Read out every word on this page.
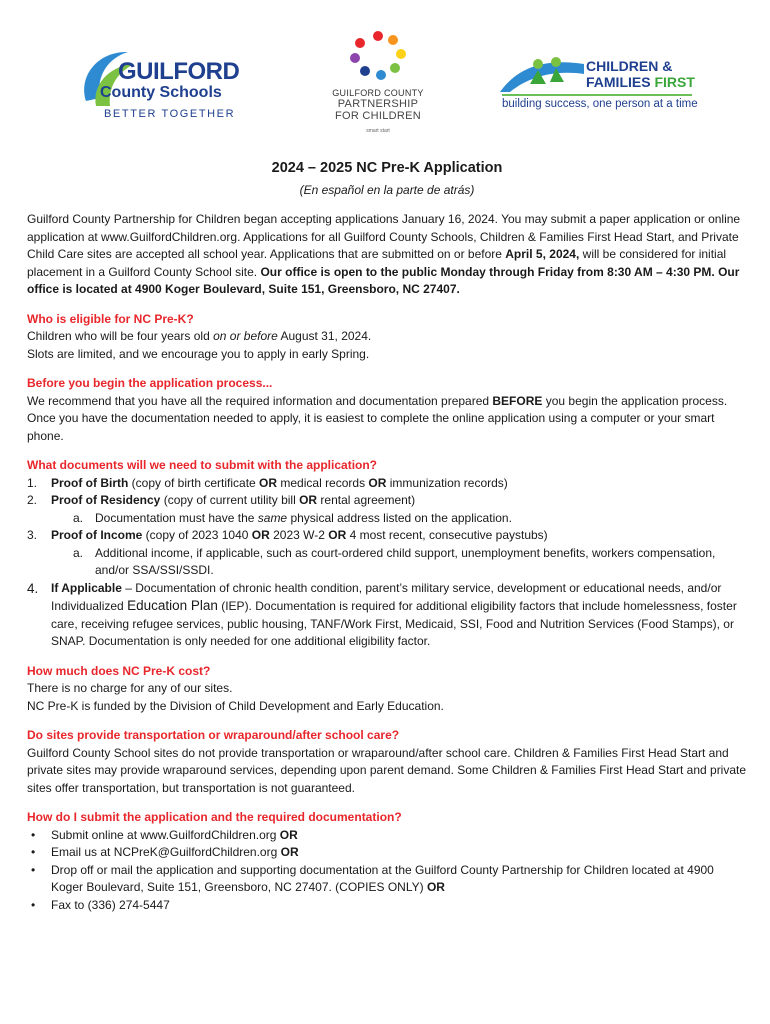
GUILFORD
County Schools
BETTER TOGETHER
GUILFORD COUNTY
PARTNERSHIP
FOR CHILDREN
smart start
CHILDREN &
FAMILIES FIRST
building success, one person at a time
2024 – 2025 NC Pre-K Application
(En español en la parte de atrás)

Guilford County Partnership for Children began accepting applications January 16, 2024. You may submit a paper application or online application at www.GuilfordChildren.org. Applications for all Guilford County Schools, Children & Families First Head Start, and Private Child Care sites are accepted all school year. Applications that are submitted on or before April 5, 2024, will be considered for initial placement in a Guilford County School site. Our office is open to the public Monday through Friday from 8:30 AM – 4:30 PM. Our office is located at 4900 Koger Boulevard, Suite 151, Greensboro, NC 27407.

Who is eligible for NC Pre-K?

Children who will be four years old on or before August 31, 2024.

Slots are limited, and we encourage you to apply in early Spring.

Before you begin the application process...

We recommend that you have all the required information and documentation prepared BEFORE you begin the application process. Once you have the documentation needed to apply, it is easiest to complete the online application using a computer or your smart phone.

What documents will we need to submit with the application?

1. Proof of Birth (copy of birth certificate OR medical records OR immunization records)
2. Proof of Residency (copy of current utility bill OR rental agreement)
a. Documentation must have the same physical address listed on the application.
3. Proof of Income (copy of 2023 1040 OR 2023 W-2 OR 4 most recent, consecutive paystubs)
a. Additional income, if applicable, such as court-ordered child support, unemployment benefits, workers compensation, and/or SSA/SSI/SSDI.
4. If Applicable – Documentation of chronic health condition, parent’s military service, development or educational needs, and/or Individualized Education Plan (IEP). Documentation is required for additional eligibility factors that include homelessness, foster care, receiving refugee services, public housing, TANF/Work First, Medicaid, SSI, Food and Nutrition Services (Food Stamps), or SNAP. Documentation is only needed for one additional eligibility factor.

How much does NC Pre-K cost?

There is no charge for any of our sites.

NC Pre-K is funded by the Division of Child Development and Early Education.

Do sites provide transportation or wraparound/after school care?

Guilford County School sites do not provide transportation or wraparound/after school care. Children & Families First Head Start and private sites may provide wraparound services, depending upon parent demand. Some Children & Families First Head Start and private sites offer transportation, but transportation is not guaranteed.

How do I submit the application and the required documentation?

• Submit online at www.GuilfordChildren.org OR
• Email us at NCPreK@GuilfordChildren.org OR
• Drop off or mail the application and supporting documentation at the Guilford County Partnership for Children located at 4900 Koger Boulevard, Suite 151, Greensboro, NC 27407. (COPIES ONLY) OR
• Fax to (336) 274-5447
